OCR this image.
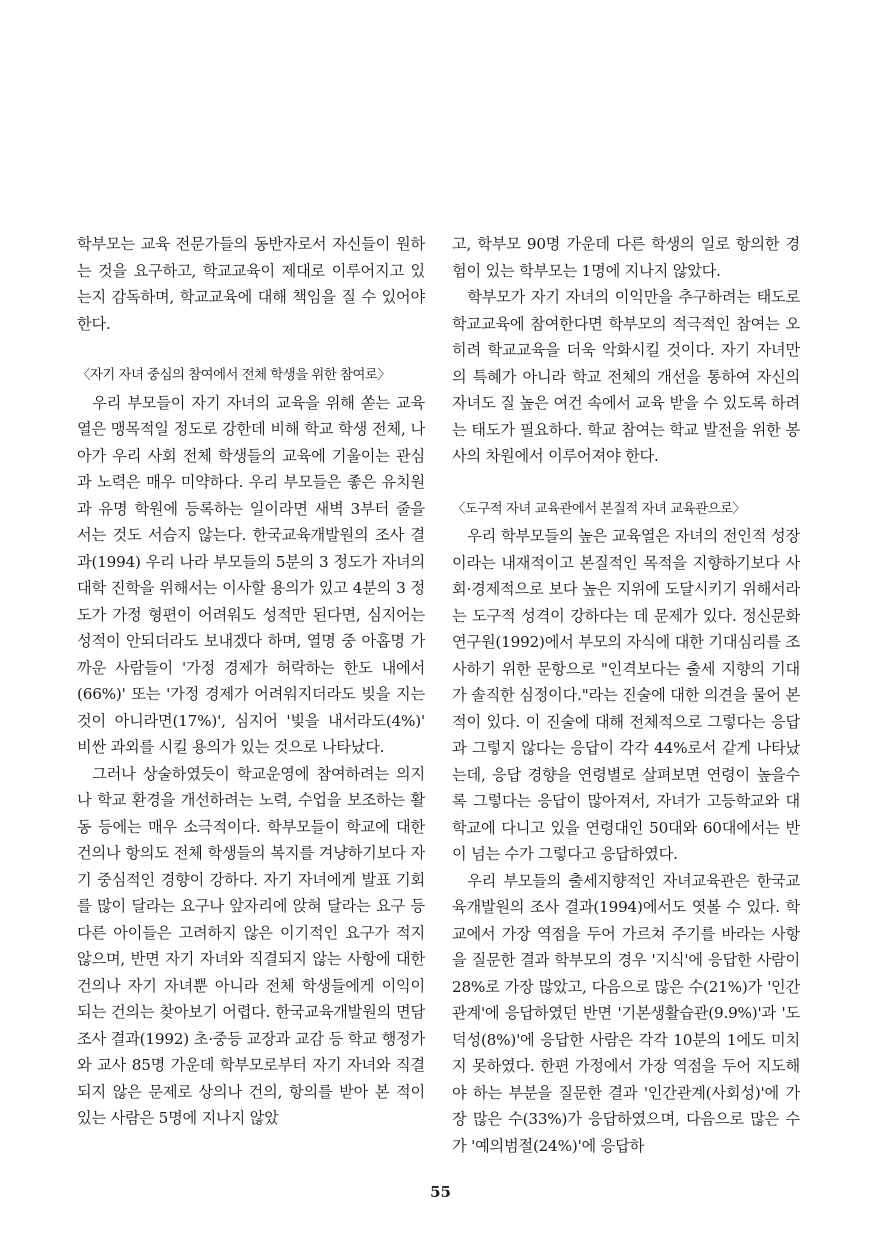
학부모는 교육 전문가들의 동반자로서 자신들이 원하는 것을 요구하고, 학교교육이 제대로 이루어지고 있는지 감독하며, 학교교육에 대해 책임을 질 수 있어야 한다.

〈자기 자녀 중심의 참여에서 전체 학생을 위한 참여로〉

우리 부모들이 자기 자녀의 교육을 위해 쏟는 교육열은 맹목적일 정도로 강한데 비해 학교 학생 전체, 나아가 우리 사회 전체 학생들의 교육에 기울이는 관심과 노력은 매우 미약하다. 우리 부모들은 좋은 유치원과 유명 학원에 등록하는 일이라면 새벽 3부터 줄을 서는 것도 서슴지 않는다. 한국교육개발원의 조사 결과(1994) 우리 나라 부모들의 5분의 3 정도가 자녀의 대학 진학을 위해서는 이사할 용의가 있고 4분의 3 정도가 가정 형편이 어려워도 성적만 된다면, 심지어는 성적이 안되더라도 보내겠다 하며, 열명 중 아홉명 가까운 사람들이 '가정 경제가 허락하는 한도 내에서(66%)' 또는 '가정 경제가 어려워지더라도 빚을 지는 것이 아니라면(17%)', 심지어 '빚을 내서라도(4%)' 비싼 과외를 시킬 용의가 있는 것으로 나타났다.

그러나 상술하였듯이 학교운영에 참여하려는 의지나 학교 환경을 개선하려는 노력, 수업을 보조하는 활동 등에는 매우 소극적이다. 학부모들이 학교에 대한 건의나 항의도 전체 학생들의 복지를 겨냥하기보다 자기 중심적인 경향이 강하다. 자기 자녀에게 발표 기회를 많이 달라는 요구나 앞자리에 앉혀 달라는 요구 등 다른 아이들은 고려하지 않은 이기적인 요구가 적지 않으며, 반면 자기 자녀와 직결되지 않는 사항에 대한 건의나 자기 자녀뿐 아니라 전체 학생들에게 이익이 되는 건의는 찾아보기 어렵다. 한국교육개발원의 면담 조사 결과(1992) 초·중등 교장과 교감 등 학교 행정가와 교사 85명 가운데 학부모로부터 자기 자녀와 직결되지 않은 문제로 상의나 건의, 항의를 받아 본 적이 있는 사람은 5명에 지나지 않았

고, 학부모 90명 가운데 다른 학생의 일로 항의한 경험이 있는 학부모는 1명에 지나지 않았다.

학부모가 자기 자녀의 이익만을 추구하려는 태도로 학교교육에 참여한다면 학부모의 적극적인 참여는 오히려 학교교육을 더욱 악화시킬 것이다. 자기 자녀만의 특혜가 아니라 학교 전체의 개선을 통하여 자신의 자녀도 질 높은 여건 속에서 교육 받을 수 있도록 하려는 태도가 필요하다. 학교 참여는 학교 발전을 위한 봉사의 차원에서 이루어져야 한다.

〈도구적 자녀 교육관에서 본질적 자녀 교육관으로〉

우리 학부모들의 높은 교육열은 자녀의 전인적 성장이라는 내재적이고 본질적인 목적을 지향하기보다 사회·경제적으로 보다 높은 지위에 도달시키기 위해서라는 도구적 성격이 강하다는 데 문제가 있다. 정신문화연구원(1992)에서 부모의 자식에 대한 기대심리를 조사하기 위한 문항으로 "인격보다는 출세 지향의 기대가 솔직한 심정이다."라는 진술에 대한 의견을 물어 본 적이 있다. 이 진술에 대해 전체적으로 그렇다는 응답과 그렇지 않다는 응답이 각각 44%로서 같게 나타났는데, 응답 경향을 연령별로 살펴보면 연령이 높을수록 그렇다는 응답이 많아져서, 자녀가 고등학교와 대학교에 다니고 있을 연령대인 50대와 60대에서는 반이 넘는 수가 그렇다고 응답하였다.

우리 부모들의 출세지향적인 자녀교육관은 한국교육개발원의 조사 결과(1994)에서도 엿볼 수 있다. 학교에서 가장 역점을 두어 가르쳐 주기를 바라는 사항을 질문한 결과 학부모의 경우 '지식'에 응답한 사람이 28%로 가장 많았고, 다음으로 많은 수(21%)가 '인간관계'에 응답하였던 반면 '기본생활습관(9.9%)'과 '도덕성(8%)'에 응답한 사람은 각각 10분의 1에도 미치지 못하였다. 한편 가정에서 가장 역점을 두어 지도해야 하는 부분을 질문한 결과 '인간관계(사회성)'에 가장 많은 수(33%)가 응답하였으며, 다음으로 많은 수가 '예의범절(24%)'에 응답하

55
